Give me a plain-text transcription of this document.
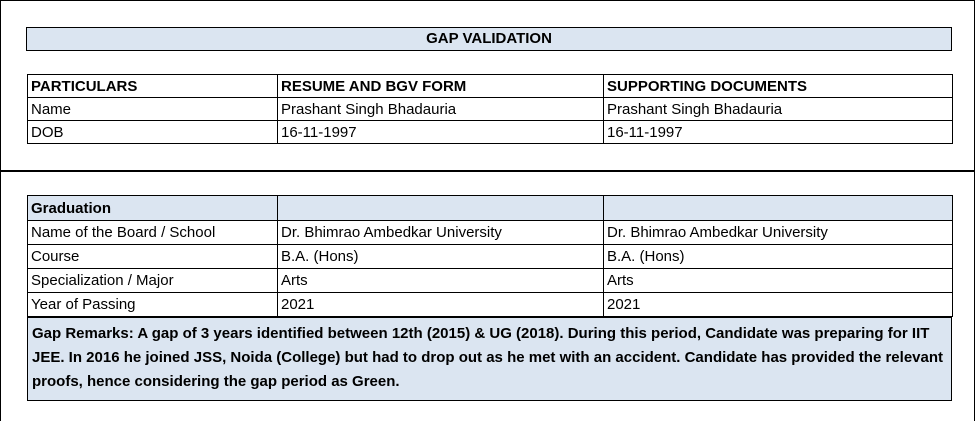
GAP VALIDATION
PARTICULARS	RESUME AND BGV FORM	SUPPORTING DOCUMENTS
Name	Prashant Singh Bhadauria	Prashant Singh Bhadauria
DOB	16-11-1997	16-11-1997
Graduation		
Name of the Board / School	Dr. Bhimrao Ambedkar University	Dr. Bhimrao Ambedkar University
Course	B.A. (Hons)	B.A. (Hons)
Specialization / Major	Arts	Arts
Year of Passing	2021	2021
Gap Remarks: A gap of 3 years identified between 12th (2015) & UG (2018). During this period, Candidate was preparing for IIT JEE. In 2016 he joined JSS, Noida (College) but had to drop out as he met with an accident. Candidate has provided the relevant proofs, hence considering the gap period as Green.
